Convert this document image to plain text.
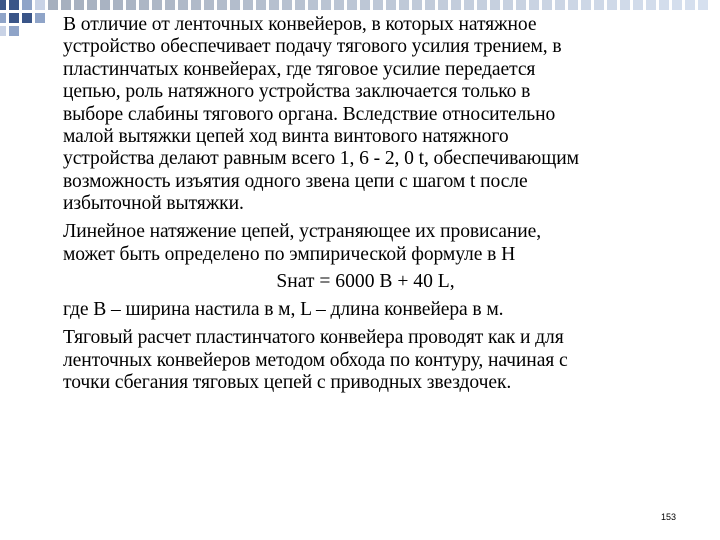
В отличие от ленточных конвейеров, в которых натяжное
устройство обеспечивает подачу тягового усилия трением, в
пластинчатых конвейерах, где тяговое усилие передается
цепью, роль натяжного устройства заключается только в
выборе слабины тягового органа. Вследствие относительно
малой вытяжки цепей ход винта винтового натяжного
устройства делают равным всего 1, 6 - 2, 0 t, обеспечивающим
возможность изъятия одного звена цепи с шагом t после
избыточной вытяжки.

Линейное натяжение цепей, устраняющее их провисание,
может быть определено по эмпирической формуле в Н

Sнат = 6000 В + 40 L,

где В – ширина настила в м, L – длина конвейера в м.

Тяговый расчет пластинчатого конвейера проводят как и для
ленточных конвейеров методом обхода по контуру, начиная с
точки сбегания тяговых цепей с приводных звездочек.

153
